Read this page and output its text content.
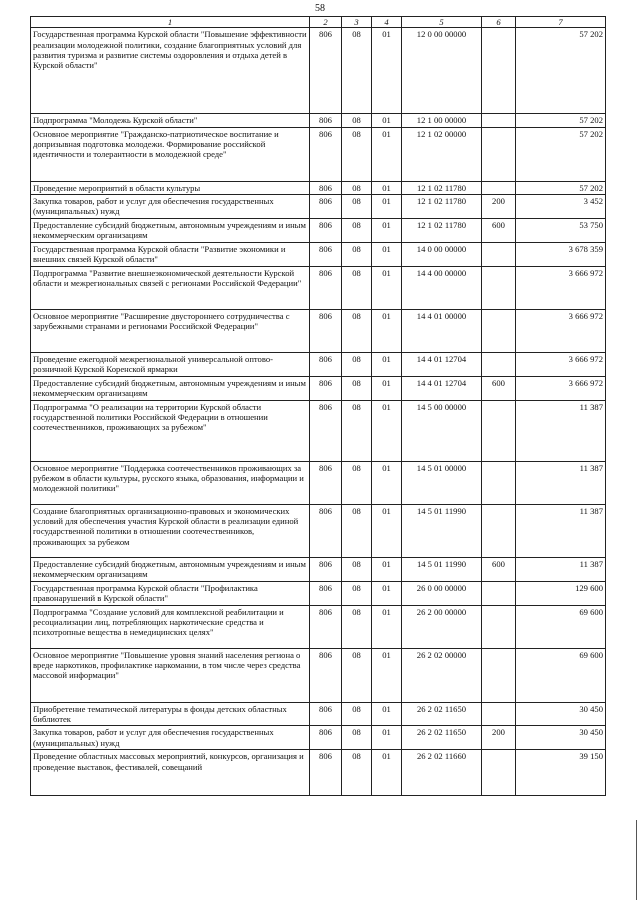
58
1	2	3	4	5	6	7
Государственная программа Курской области "Повышение эффективности реализации молодежной политики, создание благоприятных условий для развития туризма и развитие системы оздоровления и отдыха детей в Курской области"	806	08	01	12 0 00 00000		57 202
Подпрограмма "Молодежь Курской области"	806	08	01	12 1 00 00000		57 202
Основное мероприятие "Гражданско-патриотическое воспитание и допризывная подготовка молодежи. Формирование российской идентичности и толерантности в молодежной среде"	806	08	01	12 1 02 00000		57 202
Проведение мероприятий в области культуры	806	08	01	12 1 02 11780		57 202
Закупка товаров, работ и услуг для обеспечения государственных (муниципальных) нужд	806	08	01	12 1 02 11780	200	3 452
Предоставление субсидий бюджетным, автономным учреждениям и иным некоммерческим организациям	806	08	01	12 1 02 11780	600	53 750
Государственная программа Курской области "Развитие экономики и внешних связей Курской области"	806	08	01	14 0 00 00000		3 678 359
Подпрограмма "Развитие внешнеэкономической деятельности Курской области и межрегиональных связей с регионами Российской Федерации"	806	08	01	14 4 00 00000		3 666 972
Основное мероприятие "Расширение двустороннего сотрудничества с зарубежными странами и регионами Российской Федерации"	806	08	01	14 4 01 00000		3 666 972
Проведение ежегодной межрегиональной универсальной оптово-розничной Курской Коренской ярмарки	806	08	01	14 4 01 12704		3 666 972
Предоставление субсидий бюджетным, автономным учреждениям и иным некоммерческим организациям	806	08	01	14 4 01 12704	600	3 666 972
Подпрограмма "О реализации на территории Курской области государственной политики Российской Федерации в отношении соотечественников, проживающих за рубежом"	806	08	01	14 5 00 00000		11 387
Основное мероприятие "Поддержка соотечественников проживающих за рубежом в области культуры, русского языка, образования, информации и молодежной политики"	806	08	01	14 5 01 00000		11 387
Создание благоприятных организационно-правовых и экономических условий для обеспечения участия Курской области в реализации единой государственной политики в отношении соотечественников, проживающих за рубежом	806	08	01	14 5 01 11990		11 387
Предоставление субсидий бюджетным, автономным учреждениям и иным некоммерческим организациям	806	08	01	14 5 01 11990	600	11 387
Государственная программа Курской области "Профилактика правонарушений в Курской области"	806	08	01	26 0 00 00000		129 600
Подпрограмма "Создание условий для комплексной реабилитации и ресоциализации лиц, потребляющих наркотические средства и психотропные вещества в немедицинских целях"	806	08	01	26 2 00 00000		69 600
Основное мероприятие "Повышение уровня знаний населения региона о вреде наркотиков, профилактике наркомании, в том числе через средства массовой информации"	806	08	01	26 2 02 00000		69 600
Приобретение тематической литературы в фонды детских областных библиотек	806	08	01	26 2 02 11650		30 450
Закупка товаров, работ и услуг для обеспечения государственных (муниципальных) нужд	806	08	01	26 2 02 11650	200	30 450
Проведение областных массовых мероприятий, конкурсов, организация и проведение выставок, фестивалей, совещаний	806	08	01	26 2 02 11660		39 150
